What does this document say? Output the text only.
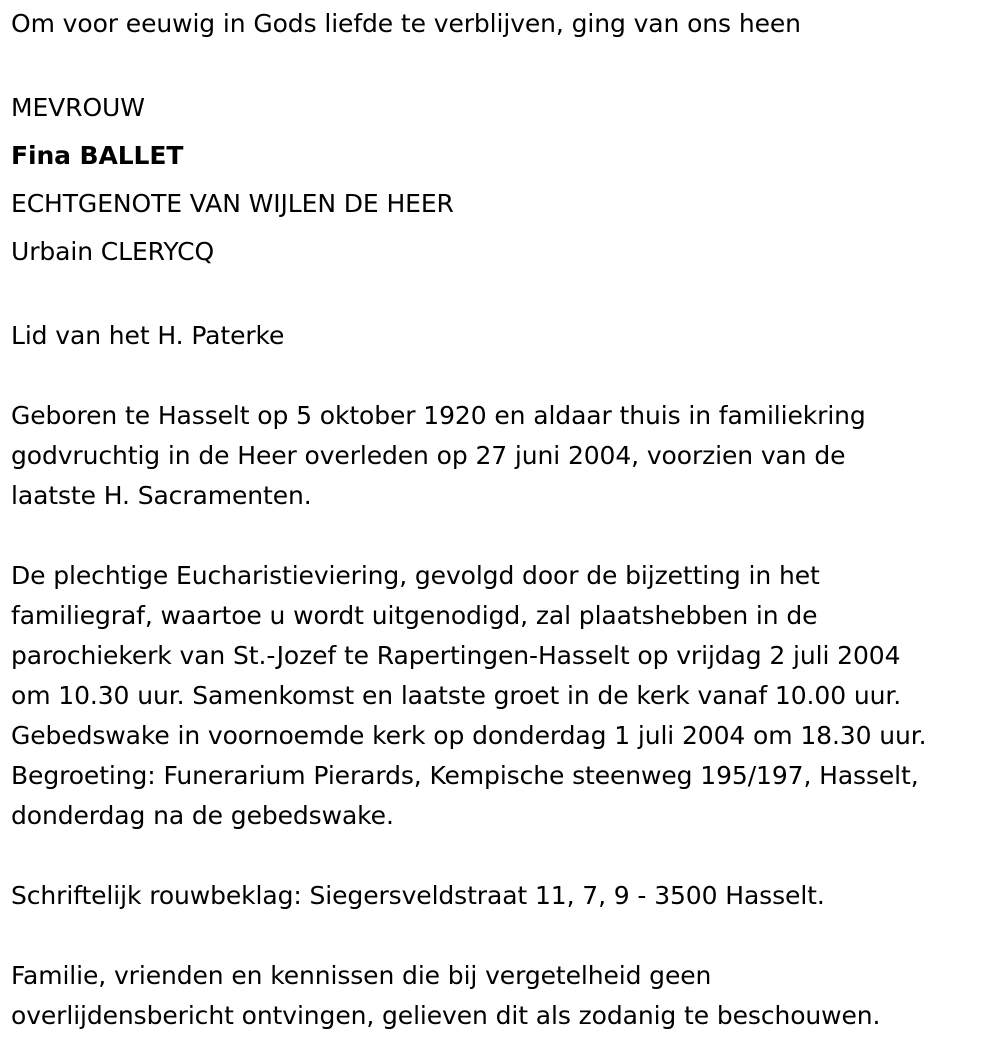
Om voor eeuwig in Gods liefde te verblijven, ging van ons heen
MEVROUW
Fina BALLET
ECHTGENOTE VAN WIJLEN DE HEER
Urbain CLERYCQ
Lid van het H. Paterke
Geboren te Hasselt op 5 oktober 1920 en aldaar thuis in familiekring
godvruchtig in de Heer overleden op 27 juni 2004, voorzien van de
laatste H. Sacramenten.
De plechtige Eucharistieviering, gevolgd door de bijzetting in het
familiegraf, waartoe u wordt uitgenodigd, zal plaatshebben in de
parochiekerk van St.-Jozef te Rapertingen-Hasselt op vrijdag 2 juli 2004
om 10.30 uur. Samenkomst en laatste groet in de kerk vanaf 10.00 uur.
Gebedswake in voornoemde kerk op donderdag 1 juli 2004 om 18.30 uur.
Begroeting: Funerarium Pierards, Kempische steenweg 195/197, Hasselt,
donderdag na de gebedswake.
Schriftelijk rouwbeklag: Siegersveldstraat 11, 7, 9 - 3500 Hasselt.
Familie, vrienden en kennissen die bij vergetelheid geen
overlijdensbericht ontvingen, gelieven dit als zodanig te beschouwen.
